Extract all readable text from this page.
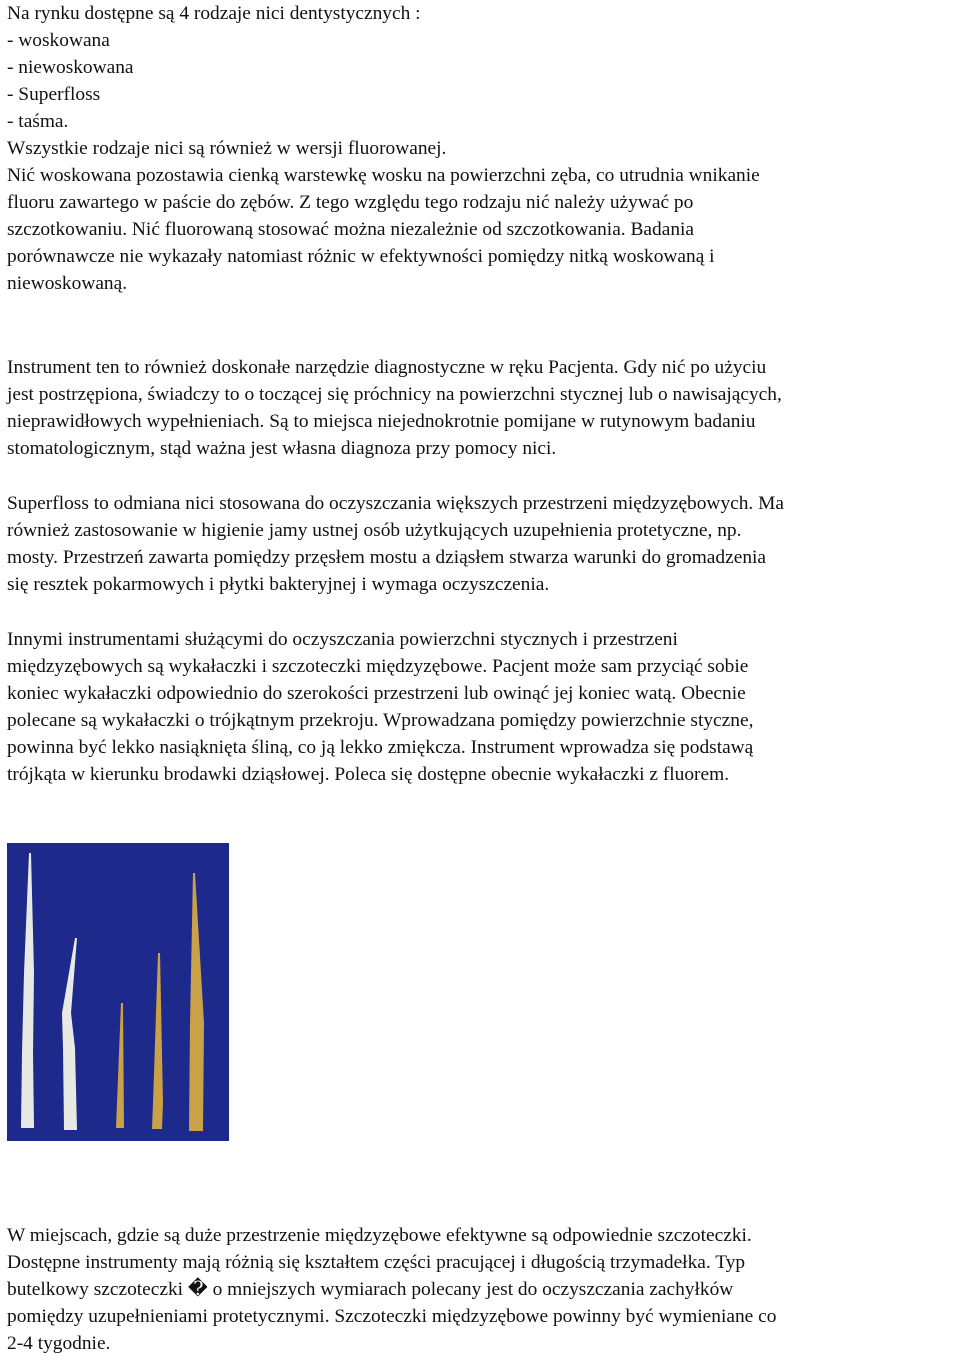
Na rynku dostępne są 4 rodzaje nici dentystycznych :
- woskowana
- niewoskowana
- Superfloss
- taśma.
Wszystkie rodzaje nici są również w wersji fluorowanej.
Nić woskowana pozostawia cienką warstewkę wosku na powierzchni zęba, co utrudnia wnikanie
fluoru zawartego w paście do zębów. Z tego względu tego rodzaju nić należy używać po
szczotkowaniu. Nić fluorowaną stosować można niezależnie od szczotkowania. Badania
porównawcze nie wykazały natomiast różnic w efektywności pomiędzy nitką woskowaną i
niewoskowaną.
Instrument ten to również doskonałe narzędzie diagnostyczne w ręku Pacjenta. Gdy nić po użyciu
jest postrzępiona, świadczy to o toczącej się próchnicy na powierzchni stycznej lub o nawisających,
nieprawidłowych wypełnieniach. Są to miejsca niejednokrotnie pomijane w rutynowym badaniu
stomatologicznym, stąd ważna jest własna diagnoza przy pomocy nici.
Superfloss to odmiana nici stosowana do oczyszczania większych przestrzeni międzyzębowych. Ma
również zastosowanie w higienie jamy ustnej osób użytkujących uzupełnienia protetyczne, np.
mosty. Przestrzeń zawarta pomiędzy przęsłem mostu a dziąsłem stwarza warunki do gromadzenia
się resztek pokarmowych i płytki bakteryjnej i wymaga oczyszczenia.
Innymi instrumentami służącymi do oczyszczania powierzchni stycznych i przestrzeni
międzyzębowych są wykałaczki i szczoteczki międzyzębowe. Pacjent może sam przyciąć sobie
koniec wykałaczki odpowiednio do szerokości przestrzeni lub owinąć jej koniec watą. Obecnie
polecane są wykałaczki o trójkątnym przekroju. Wprowadzana pomiędzy powierzchnie styczne,
powinna być lekko nasiąknięta śliną, co ją lekko zmiękcza. Instrument wprowadza się podstawą
trójkąta w kierunku brodawki dziąsłowej. Poleca się dostępne obecnie wykałaczki z fluorem.
W miejscach, gdzie są duże przestrzenie międzyzębowe efektywne są odpowiednie szczoteczki.
Dostępne instrumenty mają różnią się kształtem części pracującej i długością trzymadełka. Typ
butelkowy szczoteczki � o mniejszych wymiarach polecany jest do oczyszczania zachyłków
pomiędzy uzupełnieniami protetycznymi. Szczoteczki międzyzębowe powinny być wymieniane co
2-4 tygodnie.
